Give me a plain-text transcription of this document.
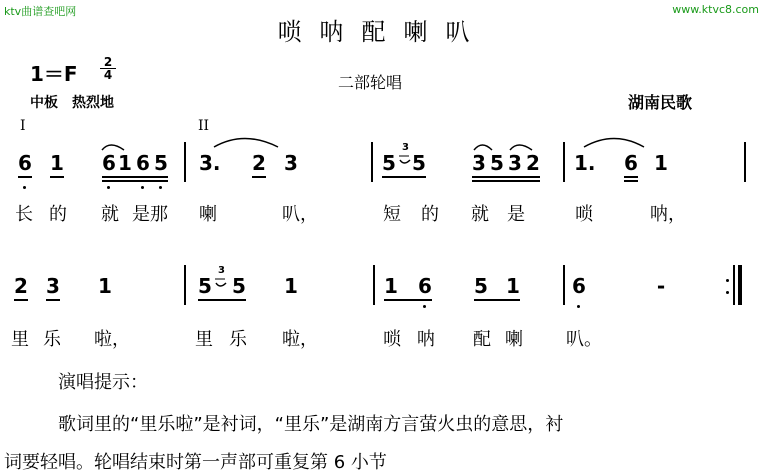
ktv曲谱查吧网	www.ktvc8.com
唢呐配喇叭
1＝F	2
4	二部轮唱
中板　热烈地	湖南民歌
I	II
6 1 6 1 6 5 3. 2 3	5
3
5 3 5 3 2 1. 6 1
长 的 就 是那 喇	叭，	短 的 就 是	唢	呐，
2 3 1	5
3
5 1	1 6 5 1	6	-
里 乐 啦，	里 乐 啦，	唢 呐 配 喇 叭。
演唱提示：
歌词里的“里乐啦”是衬词，“里乐”是湖南方言萤火虫的意思，衬
词要轻唱。轮唱结束时第一声部可重复第 6 小节
